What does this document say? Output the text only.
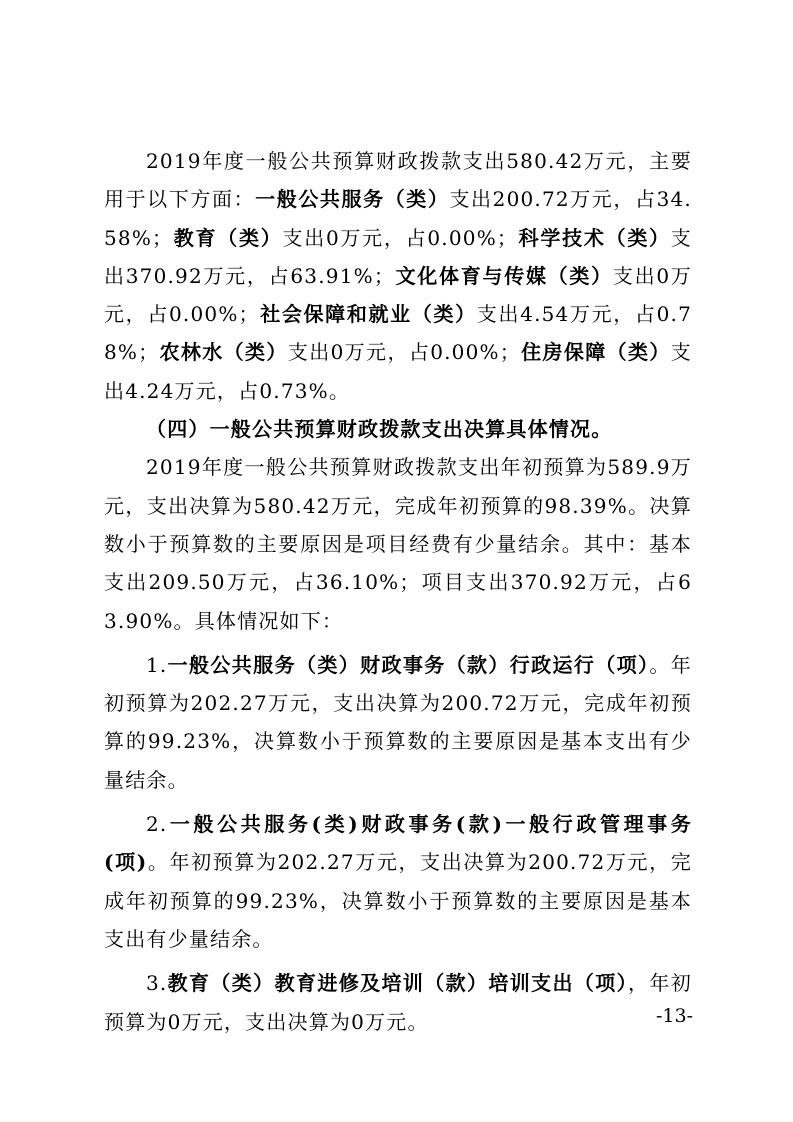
2019年度一般公共预算财政拨款支出580.42万元，主要用于以下方面：一般公共服务（类）支出200.72万元，占34.58%；教育（类）支出0万元，占0.00%；科学技术（类）支出370.92万元，占63.91%；文化体育与传媒（类）支出0万元，占0.00%；社会保障和就业（类）支出4.54万元，占0.78%；农林水（类）支出0万元，占0.00%；住房保障（类）支出4.24万元，占0.73%。

（四）一般公共预算财政拨款支出决算具体情况。

2019年度一般公共预算财政拨款支出年初预算为589.9万元，支出决算为580.42万元，完成年初预算的98.39%。决算数小于预算数的主要原因是项目经费有少量结余。其中：基本支出209.50万元，占36.10%；项目支出370.92万元，占63.90%。具体情况如下：

1.一般公共服务（类）财政事务（款）行政运行（项）。年初预算为202.27万元，支出决算为200.72万元，完成年初预算的99.23%，决算数小于预算数的主要原因是基本支出有少量结余。

2.一般公共服务(类)财政事务(款)一般行政管理事务(项)。年初预算为202.27万元，支出决算为200.72万元，完成年初预算的99.23%，决算数小于预算数的主要原因是基本支出有少量结余。

3.教育（类）教育进修及培训（款）培训支出（项），年初预算为0万元，支出决算为0万元。	-13-
